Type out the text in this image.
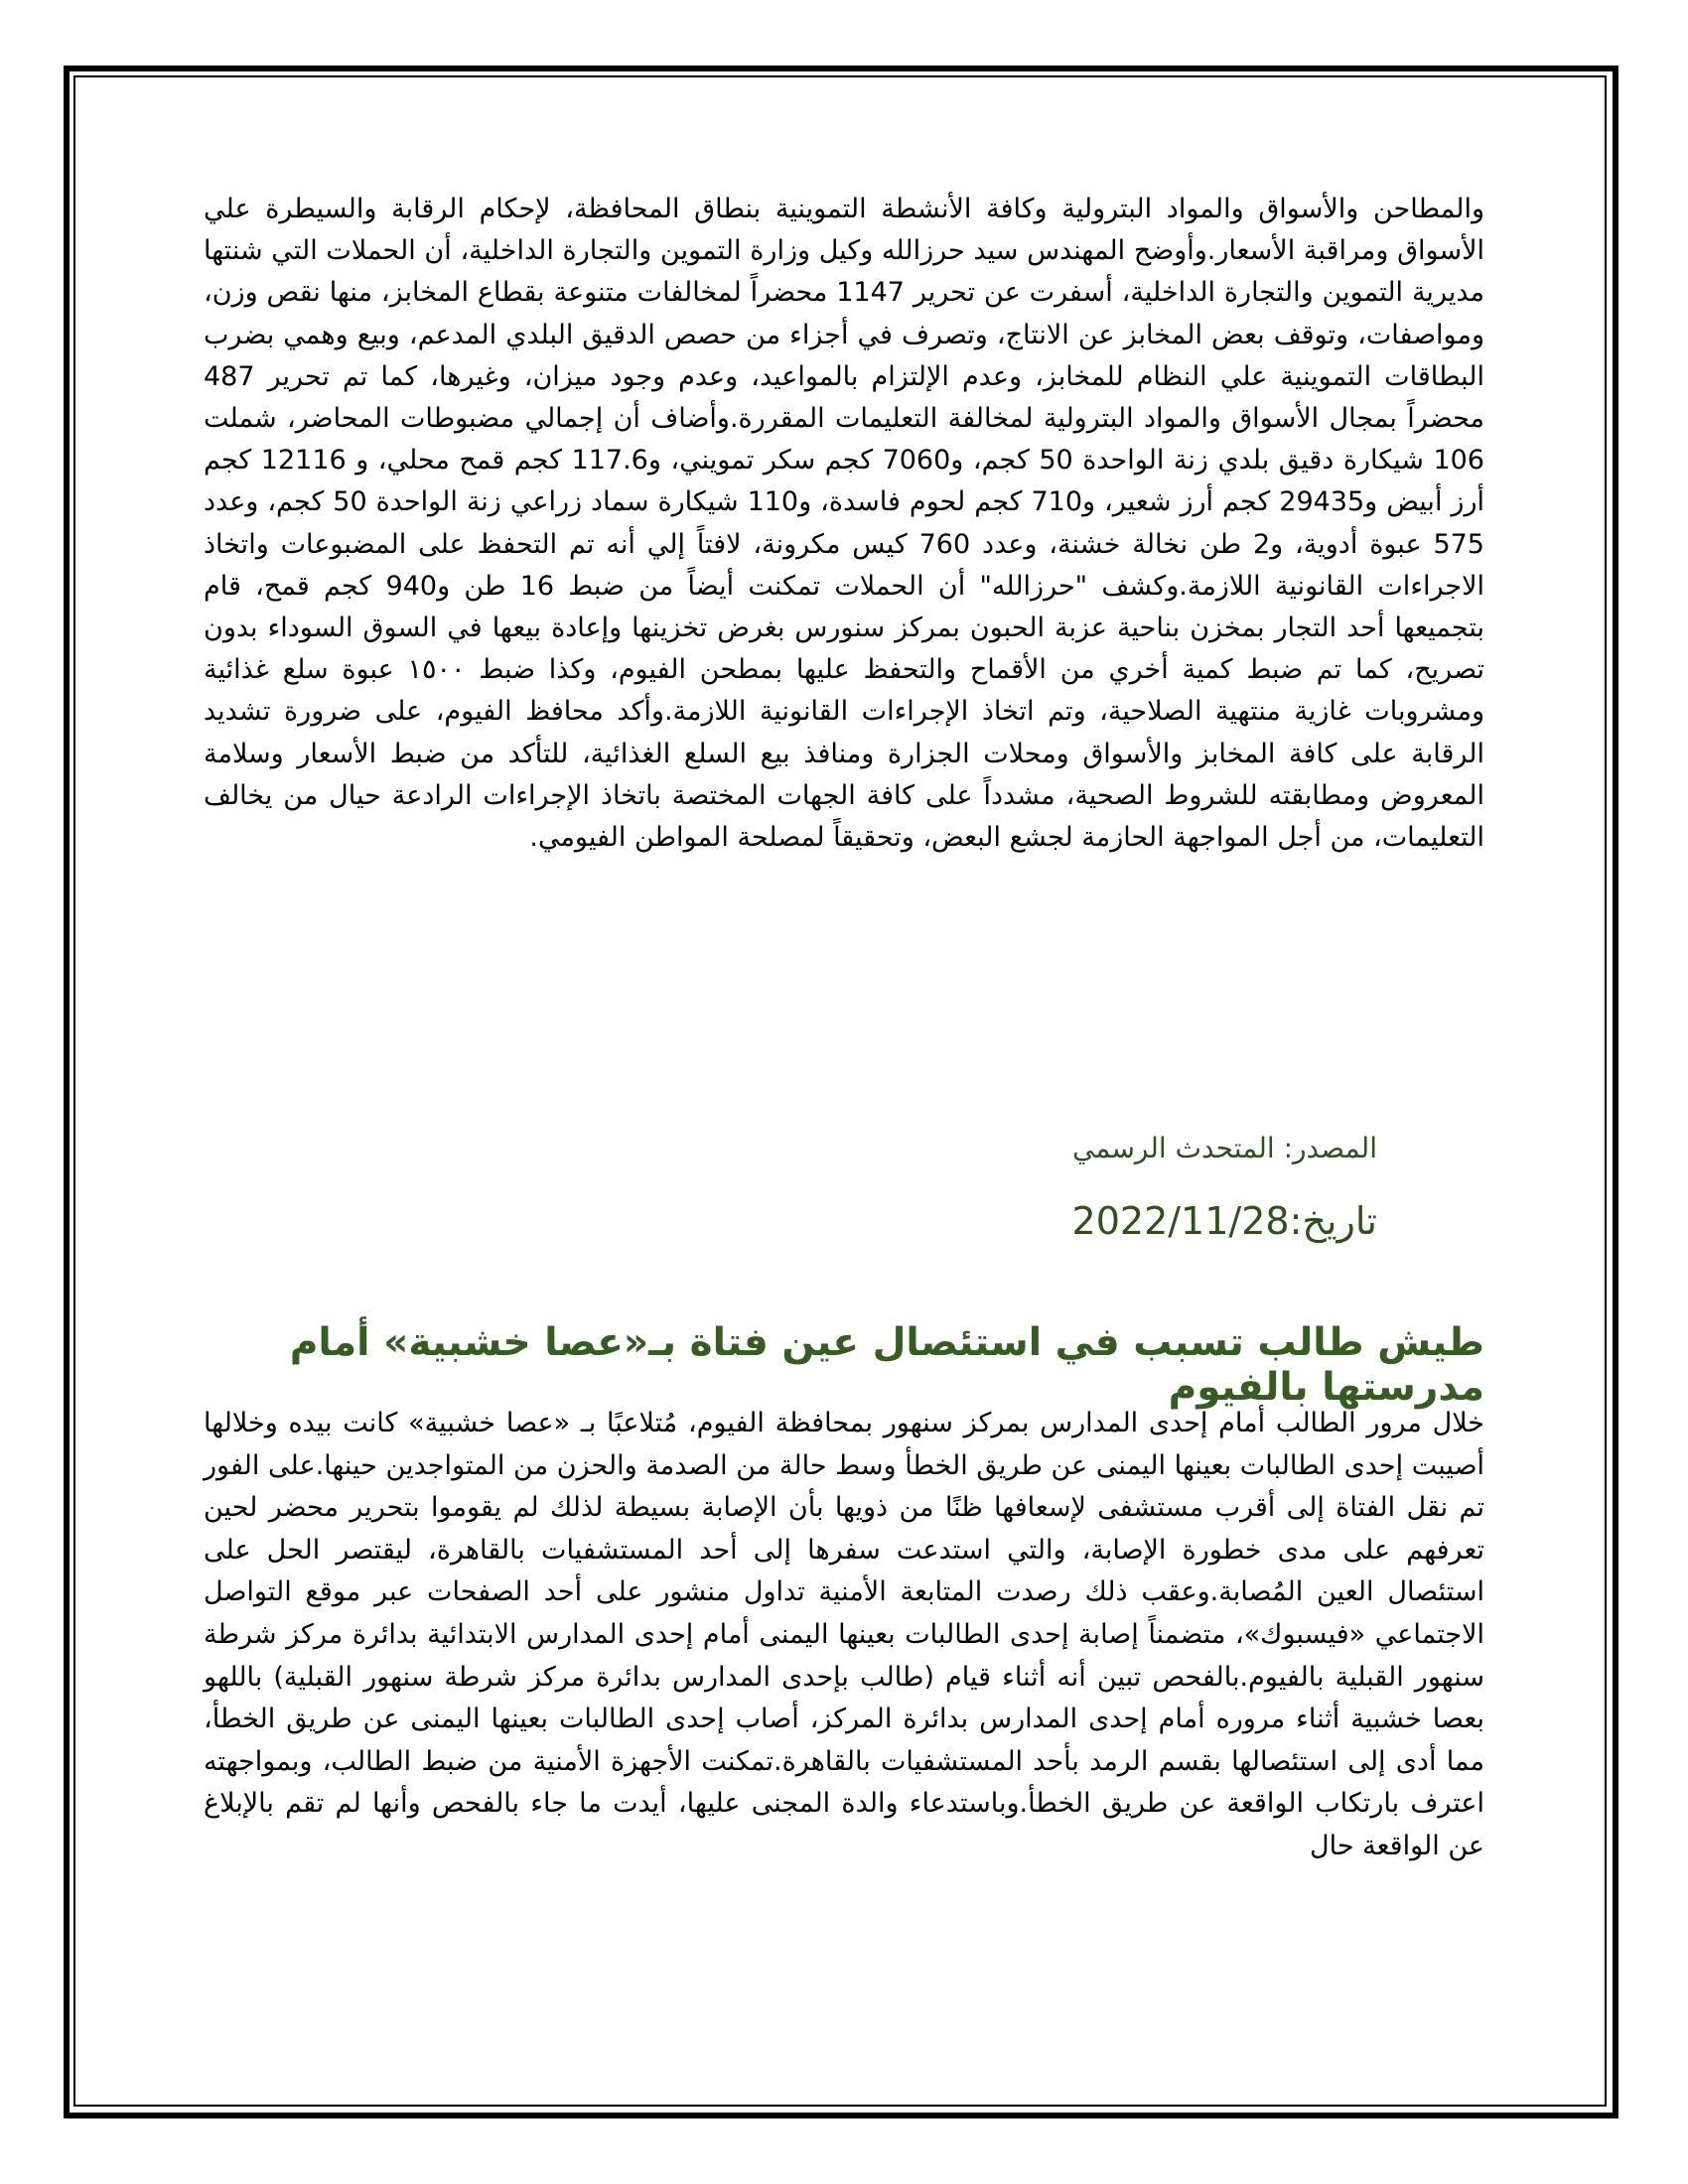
والمطاحن والأسواق والمواد البترولية وكافة الأنشطة التموينية بنطاق المحافظة، لإحكام الرقابة والسيطرة علي الأسواق ومراقبة الأسعار.وأوضح المهندس سيد حرزالله وكيل وزارة التموين والتجارة الداخلية، أن الحملات التي شنتها مديرية التموين والتجارة الداخلية، أسفرت عن تحرير 1147 محضراً لمخالفات متنوعة بقطاع المخابز، منها نقص وزن، ومواصفات، وتوقف بعض المخابز عن الانتاج، وتصرف في أجزاء من حصص الدقيق البلدي المدعم، وبيع وهمي بضرب البطاقات التموينية علي النظام للمخابز، وعدم الإلتزام بالمواعيد، وعدم وجود ميزان، وغيرها، كما تم تحرير 487 محضراً بمجال الأسواق والمواد البترولية لمخالفة التعليمات المقررة.وأضاف أن إجمالي مضبوطات المحاضر، شملت 106 شيكارة دقيق بلدي زنة الواحدة 50 كجم، و7060 كجم سكر تمويني، و117.6 كجم قمح محلي، و 12116 كجم أرز أبيض و29435 كجم أرز شعير، و710 كجم لحوم فاسدة، و110 شيكارة سماد زراعي زنة الواحدة 50 كجم، وعدد 575 عبوة أدوية، و2 طن نخالة خشنة، وعدد 760 كيس مكرونة، لافتاً إلي أنه تم التحفظ على المضبوعات واتخاذ الاجراءات القانونية اللازمة.وكشف "حرزالله" أن الحملات تمكنت أيضاً من ضبط 16 طن و940 كجم قمح، قام بتجميعها أحد التجار بمخزن بناحية عزبة الحبون بمركز سنورس بغرض تخزينها وإعادة بيعها في السوق السوداء بدون تصريح، كما تم ضبط كمية أخري من الأقماح والتحفظ عليها بمطحن الفيوم، وكذا ضبط ١٥٠٠ عبوة سلع غذائية ومشروبات غازية منتهية الصلاحية، وتم اتخاذ الإجراءات القانونية اللازمة.وأكد محافظ الفيوم، على ضرورة تشديد الرقابة على كافة المخابز والأسواق ومحلات الجزارة ومنافذ بيع السلع الغذائية، للتأكد من ضبط الأسعار وسلامة المعروض ومطابقته للشروط الصحية، مشدداً على كافة الجهات المختصة باتخاذ الإجراءات الرادعة حيال من يخالف التعليمات، من أجل المواجهة الحازمة لجشع البعض، وتحقيقاً لمصلحة المواطن الفيومي.

المصدر: المتحدث الرسمي

تاريخ:2022/11/28

طيش طالب تسبب في استئصال عين فتاة بـ«عصا خشبية» أمام مدرستها بالفيوم

خلال مرور الطالب أمام إحدى المدارس بمركز سنهور بمحافظة الفيوم، مُتلاعبًا بـ «عصا خشبية» كانت بيده وخلالها أصيبت إحدى الطالبات بعينها اليمنى عن طريق الخطأ وسط حالة من الصدمة والحزن من المتواجدين حينها.على الفور تم نقل الفتاة إلى أقرب مستشفى لإسعافها ظنًا من ذويها بأن الإصابة بسيطة لذلك لم يقوموا بتحرير محضر لحين تعرفهم على مدى خطورة الإصابة، والتي استدعت سفرها إلى أحد المستشفيات بالقاهرة، ليقتصر الحل على استئصال العين المُصابة.وعقب ذلك رصدت المتابعة الأمنية تداول منشور على أحد الصفحات عبر موقع التواصل الاجتماعي «فيسبوك»، متضمناً إصابة إحدى الطالبات بعينها اليمنى أمام إحدى المدارس الابتدائية بدائرة مركز شرطة سنهور القبلية بالفيوم.بالفحص تبين أنه أثناء قيام (طالب بإحدى المدارس بدائرة مركز شرطة سنهور القبلية) باللهو بعصا خشبية أثناء مروره أمام إحدى المدارس بدائرة المركز، أصاب إحدى الطالبات بعينها اليمنى عن طريق الخطأ، مما أدى إلى استئصالها بقسم الرمد بأحد المستشفيات بالقاهرة.تمكنت الأجهزة الأمنية من ضبط الطالب، وبمواجهته اعترف بارتكاب الواقعة عن طريق الخطأ.وباستدعاء والدة المجنى عليها، أيدت ما جاء بالفحص وأنها لم تقم بالإبلاغ عن الواقعة حال
